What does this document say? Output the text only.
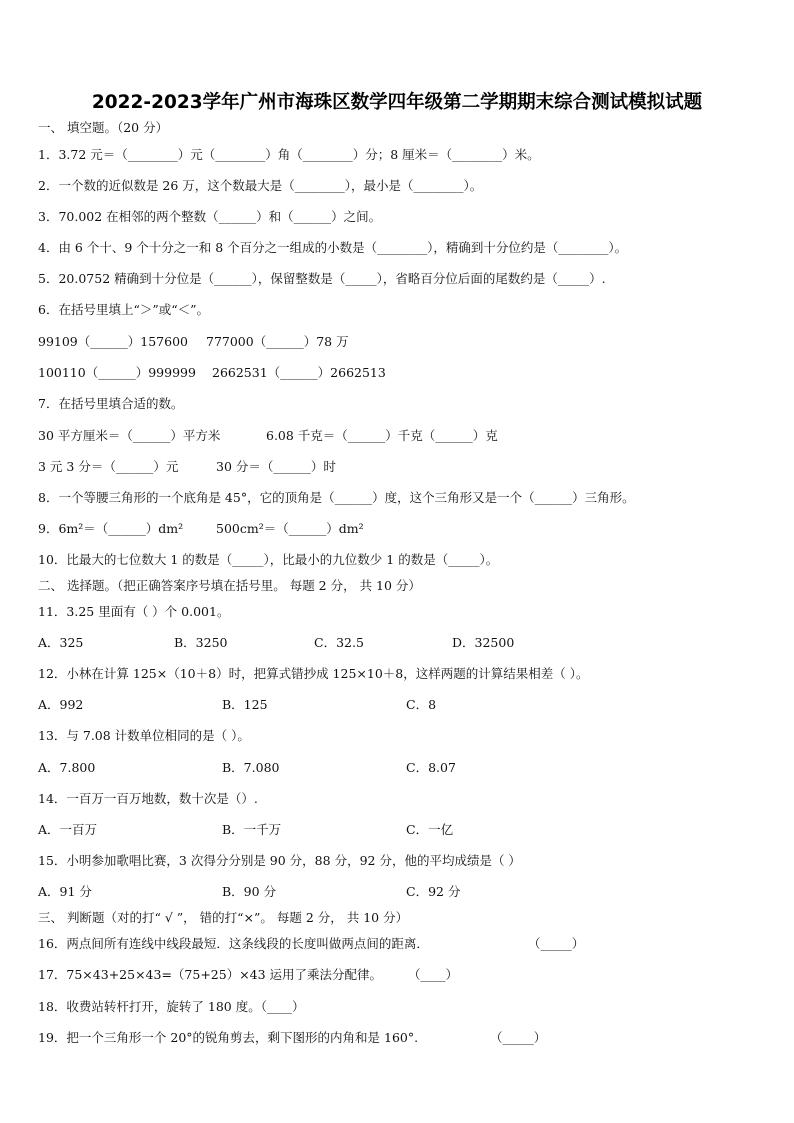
2022-2023学年广州市海珠区数学四年级第二学期期末综合测试模拟试题
一、 填空题。（20 分）
1．3.72 元＝（________）元（________）角（________）分；8 厘米＝（________）米。
2．一个数的近似数是 26 万，这个数最大是（________），最小是（________）。
3．70.002 在相邻的两个整数（______）和（______）之间。
4．由 6 个十、9 个十分之一和 8 个百分之一组成的小数是（________），精确到十分位约是（________）。
5．20.0752 精确到十分位是（______），保留整数是（_____），省略百分位后面的尾数约是（_____）.
6．在括号里填上“＞”或“＜”。
99109（______）157600 777000（______）78 万
100110（______）999999 2662531（______）2662513
7．在括号里填合适的数。
30 平方厘米＝（______）平方米	6.08 千克＝（______）千克（______）克
3 元 3 分＝（______）元	30 分＝（______）时
8．一个等腰三角形的一个底角是 45°，它的顶角是（______）度，这个三角形又是一个（______）三角形。
9．6m²＝（______）dm²	500cm²＝（______）dm²
10．比最大的七位数大 1 的数是（_____），比最小的九位数少 1 的数是（_____）。
二、 选择题。（把正确答案序号填在括号里。 每题 2 分， 共 10 分）
11．3.25 里面有（ ）个 0.001。
A．325	B．3250	C．32.5	D．32500
12．小林在计算 125×（10＋8）时，把算式错抄成 125×10＋8，这样两题的计算结果相差（ ）。
A．992	B．125	C．8
13．与 7.08 计数单位相同的是（ ）。
A．7.800	B．7.080	C．8.07
14．一百万一百万地数，数十次是（）.
A．一百万	B．一千万	C．一亿
15．小明参加歌唱比赛，3 次得分分别是 90 分，88 分，92 分，他的平均成绩是（ ）
A．91 分	B．90 分	C．92 分
三、 判断题（对的打“ √ ”， 错的打“×”。 每题 2 分， 共 10 分）
16．两点间所有连线中线段最短．这条线段的长度叫做两点间的距离．	（_____）
17．75×43+25×43=（75+25）×43 运用了乘法分配律。 （____）
18．收费站转杆打开，旋转了 180 度。（____）
19．把一个三角形一个 20°的锐角剪去，剩下图形的内角和是 160°.	（_____）
